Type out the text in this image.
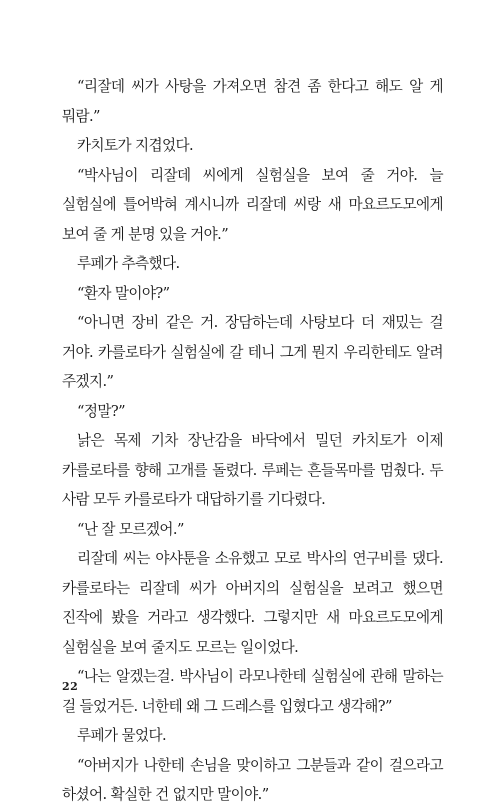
“리잘데 씨가 사탕을 가져오면 참견 좀 한다고 해도 알 게 뭐람.”

카치토가 지겹었다.

“박사님이 리잘데 씨에게 실험실을 보여 줄 거야. 늘 실험실에 틀어박혀 계시니까 리잘데 씨랑 새 마요르도모에게 보여 줄 게 분명 있을 거야.”

루페가 추측했다.

“환자 말이야?”

“아니면 장비 같은 거. 장담하는데 사탕보다 더 재밌는 걸 거야. 카를로타가 실험실에 갈 테니 그게 뭔지 우리한테도 알려 주겠지.”

“정말?”

낡은 목제 기차 장난감을 바닥에서 밀던 카치토가 이제 카를로타를 향해 고개를 돌렸다. 루페는 흔들목마를 멈췄다. 두 사람 모두 카를로타가 대답하기를 기다렸다.

“난 잘 모르겠어.”

리잘데 씨는 야샤툰을 소유했고 모로 박사의 연구비를 댔다. 카를로타는 리잘데 씨가 아버지의 실험실을 보려고 했으면 진작에 봤을 거라고 생각했다. 그렇지만 새 마요르도모에게 실험실을 보여 줄지도 모르는 일이었다.

“나는 알겠는걸. 박사님이 라모나한테 실험실에 관해 말하는 걸 들었거든. 너한테 왜 그 드레스를 입혔다고 생각해?”

루페가 물었다.

“아버지가 나한테 손님을 맞이하고 그분들과 같이 걸으라고 하셨어. 확실한 건 없지만 말이야.”

22
